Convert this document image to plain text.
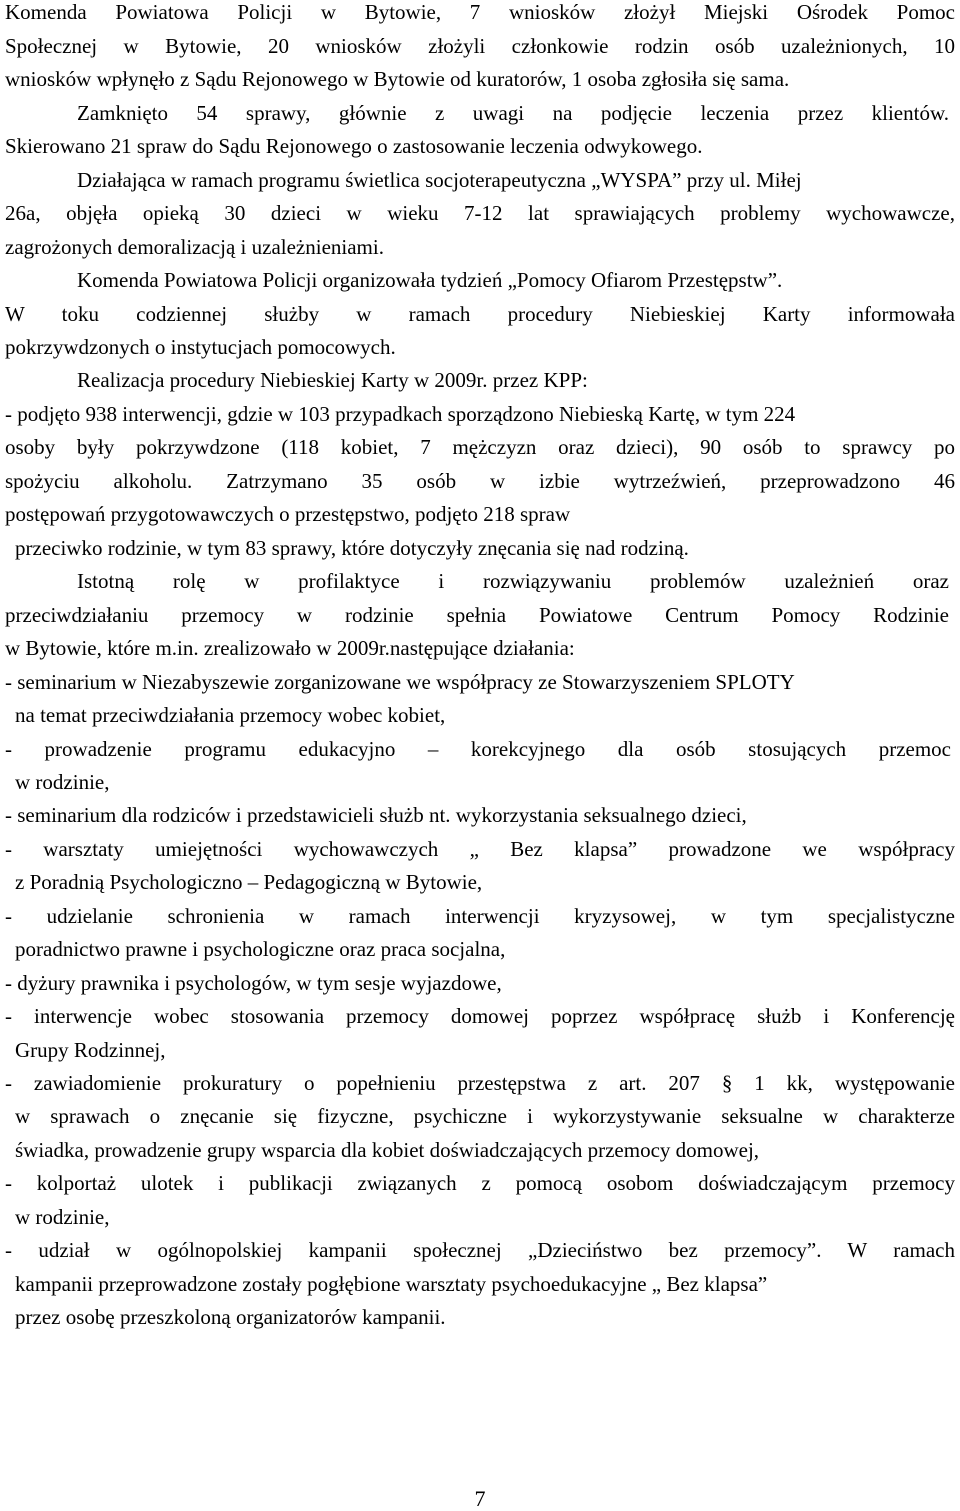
Komenda Powiatowa Policji w Bytowie, 7 wniosków złożył Miejski Ośrodek Pomoc
Społecznej w Bytowie, 20 wniosków złożyli członkowie rodzin osób uzależnionych, 10
wniosków wpłynęło z Sądu Rejonowego w Bytowie od kuratorów, 1 osoba zgłosiła się sama.
Zamknięto 54 sprawy, głównie z uwagi na podjęcie leczenia przez klientów.
Skierowano 21 spraw do Sądu Rejonowego o zastosowanie leczenia odwykowego.
Działająca w ramach programu świetlica socjoterapeutyczna „WYSPA” przy ul. Miłej
26a, objęła opieką 30 dzieci w wieku 7-12 lat sprawiających problemy wychowawcze,
zagrożonych demoralizacją i uzależnieniami.
Komenda Powiatowa Policji organizowała tydzień „Pomocy Ofiarom Przestępstw”.
W toku codziennej służby w ramach procedury Niebieskiej Karty informowała
pokrzywdzonych o instytucjach pomocowych.
Realizacja procedury Niebieskiej Karty w 2009r. przez KPP:
- podjęto 938 interwencji, gdzie w 103 przypadkach sporządzono Niebieską Kartę, w tym 224
osoby były pokrzywdzone (118 kobiet, 7 mężczyzn oraz dzieci), 90 osób to sprawcy po
spożyciu alkoholu. Zatrzymano 35 osób w izbie wytrzeźwień, przeprowadzono 46
postępowań przygotowawczych o przestępstwo, podjęto 218 spraw
przeciwko rodzinie, w tym 83 sprawy, które dotyczyły znęcania się nad rodziną.
Istotną rolę w profilaktyce i rozwiązywaniu problemów uzależnień oraz
przeciwdziałaniu przemocy w rodzinie spełnia Powiatowe Centrum Pomocy Rodzinie
w Bytowie, które m.in. zrealizowało w 2009r.następujące działania:
- seminarium w Niezabyszewie zorganizowane we współpracy ze Stowarzyszeniem SPLOTY
na temat przeciwdziałania przemocy wobec kobiet,
- prowadzenie programu edukacyjno – korekcyjnego dla osób stosujących przemoc
w rodzinie,
- seminarium dla rodziców i przedstawicieli służb nt. wykorzystania seksualnego dzieci,
- warsztaty umiejętności wychowawczych „ Bez klapsa” prowadzone we współpracy
z Poradnią Psychologiczno – Pedagogiczną w Bytowie,
- udzielanie schronienia w ramach interwencji kryzysowej, w tym specjalistyczne
poradnictwo prawne i psychologiczne oraz praca socjalna,
- dyżury prawnika i psychologów, w tym sesje wyjazdowe,
- interwencje wobec stosowania przemocy domowej poprzez współpracę służb i Konferencję
Grupy Rodzinnej,
- zawiadomienie prokuratury o popełnieniu przestępstwa z art. 207 § 1 kk, występowanie
w sprawach o znęcanie się fizyczne, psychiczne i wykorzystywanie seksualne w charakterze
świadka, prowadzenie grupy wsparcia dla kobiet doświadczających przemocy domowej,
- kolportaż ulotek i publikacji związanych z pomocą osobom doświadczającym przemocy
w rodzinie,
- udział w ogólnopolskiej kampanii społecznej „Dzieciństwo bez przemocy”. W ramach
kampanii przeprowadzone zostały pogłębione warsztaty psychoedukacyjne „ Bez klapsa”
przez osobę przeszkoloną organizatorów kampanii.
7
